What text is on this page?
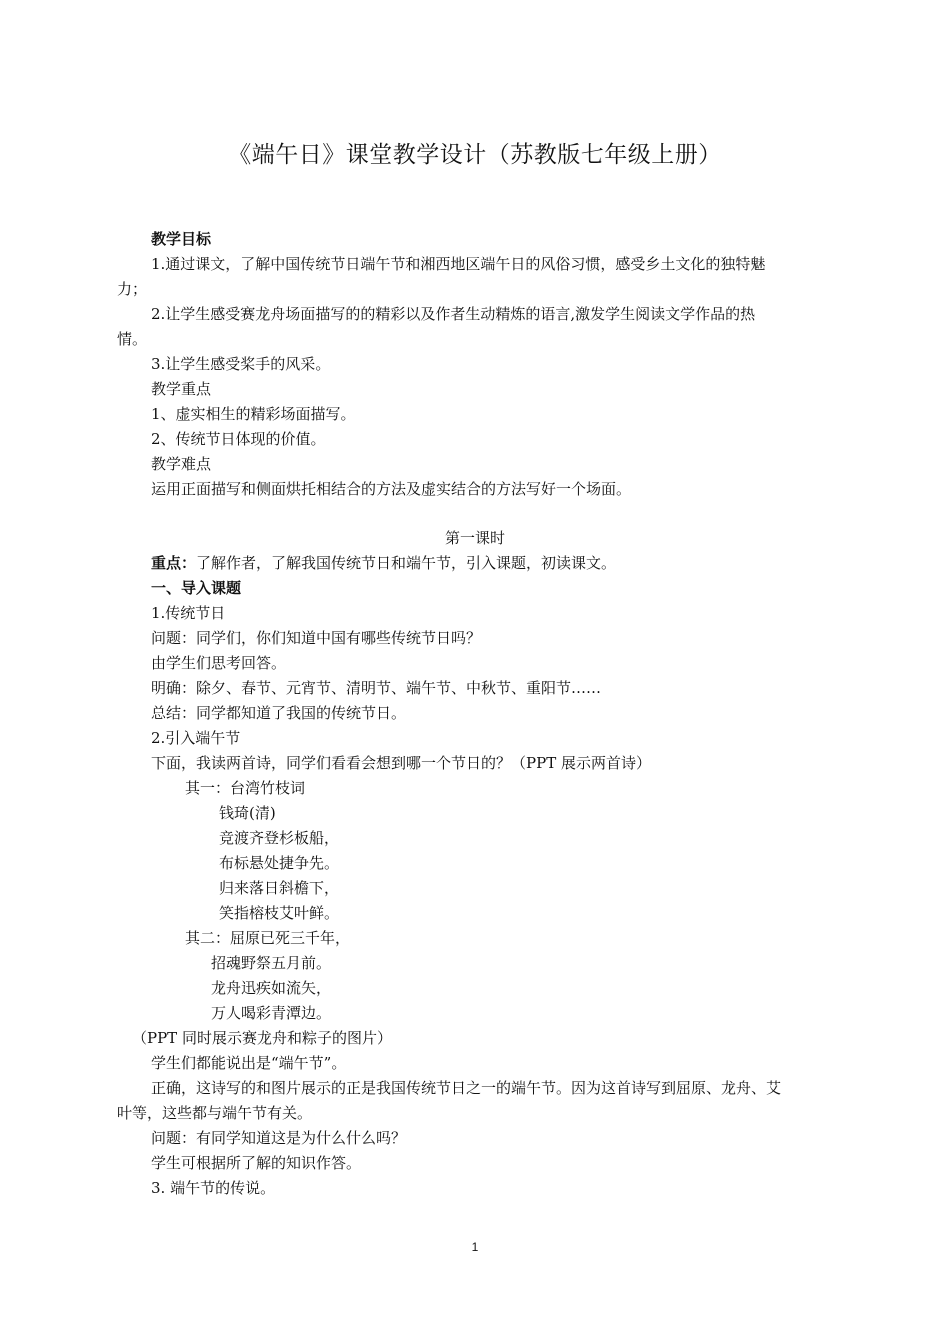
《端午日》课堂教学设计（苏教版七年级上册）
教学目标
1.通过课文，了解中国传统节日端午节和湘西地区端午日的风俗习惯，感受乡土文化的独特魅
力；
2.让学生感受赛龙舟场面描写的的精彩以及作者生动精炼的语言,激发学生阅读文学作品的热
情。
3.让学生感受桨手的风采。
教学重点
1、虚实相生的精彩场面描写。
2、传统节日体现的价值。
教学难点
运用正面描写和侧面烘托相结合的方法及虚实结合的方法写好一个场面。
第一课时
重点：了解作者，了解我国传统节日和端午节，引入课题，初读课文。
一、导入课题
1.传统节日
问题：同学们，你们知道中国有哪些传统节日吗？
由学生们思考回答。
明确：除夕、春节、元宵节、清明节、端午节、中秋节、重阳节……
总结：同学都知道了我国的传统节日。
2.引入端午节
下面，我读两首诗，同学们看看会想到哪一个节日的？（PPT 展示两首诗）
其一：台湾竹枝词
钱琦(清)
竞渡齐登杉板船，
布标悬处捷争先。
归来落日斜檐下，
笑指榕枝艾叶鲜。
其二：屈原已死三千年，
招魂野祭五月前。
龙舟迅疾如流矢，
万人喝彩青潭边。
（PPT 同时展示赛龙舟和粽子的图片）
学生们都能说出是“端午节”。
正确，这诗写的和图片展示的正是我国传统节日之一的端午节。因为这首诗写到屈原、龙舟、艾
叶等，这些都与端午节有关。
问题：有同学知道这是为什么什么吗？
学生可根据所了解的知识作答。
3. 端午节的传说。
1
